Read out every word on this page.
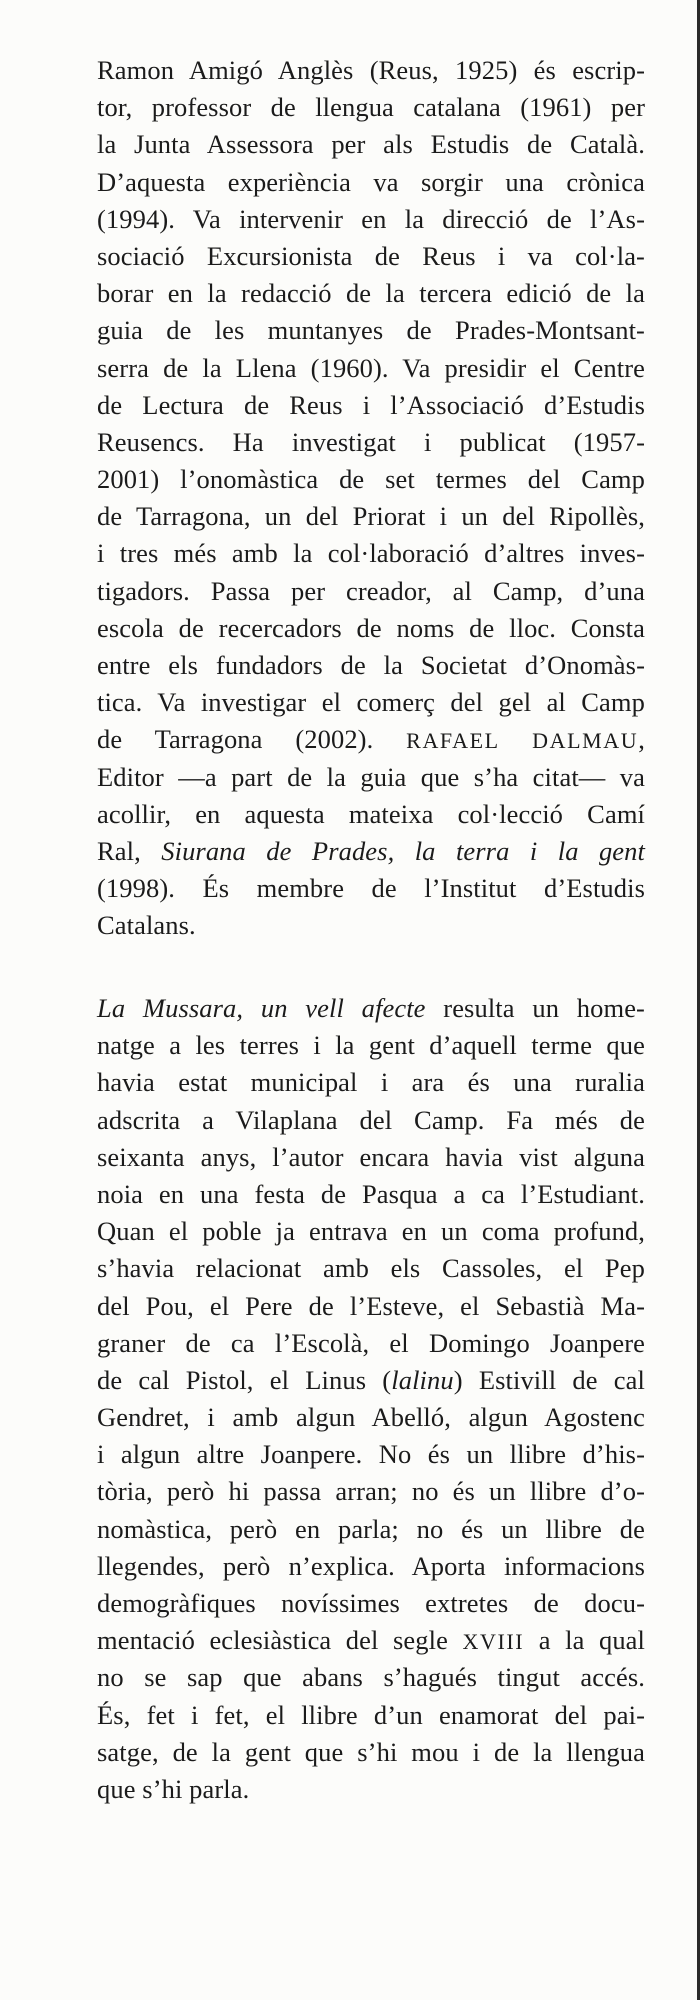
Ramon Amigó Anglès (Reus, 1925) és escrip-
tor, professor de llengua catalana (1961) per
la Junta Assessora per als Estudis de Català.
D’aquesta experiència va sorgir una crònica
(1994). Va intervenir en la direcció de l’As-
sociació Excursionista de Reus i va col·la-
borar en la redacció de la tercera edició de la
guia de les muntanyes de Prades-Montsant-
serra de la Llena (1960). Va presidir el Centre
de Lectura de Reus i l’Associació d’Estudis
Reusencs. Ha investigat i publicat (1957-
2001) l’onomàstica de set termes del Camp
de Tarragona, un del Priorat i un del Ripollès,
i tres més amb la col·laboració d’altres inves-
tigadors. Passa per creador, al Camp, d’una
escola de recercadors de noms de lloc. Consta
entre els fundadors de la Societat d’Onomàs-
tica. Va investigar el comerç del gel al Camp
de Tarragona (2002). RAFAEL DALMAU,
Editor —a part de la guia que s’ha citat— va
acollir, en aquesta mateixa col·lecció Camí
Ral, Siurana de Prades, la terra i la gent
(1998). És membre de l’Institut d’Estudis
Catalans.
La Mussara, un vell afecte resulta un home-
natge a les terres i la gent d’aquell terme que
havia estat municipal i ara és una ruralia
adscrita a Vilaplana del Camp. Fa més de
seixanta anys, l’autor encara havia vist alguna
noia en una festa de Pasqua a ca l’Estudiant.
Quan el poble ja entrava en un coma profund,
s’havia relacionat amb els Cassoles, el Pep
del Pou, el Pere de l’Esteve, el Sebastià Ma-
graner de ca l’Escolà, el Domingo Joanpere
de cal Pistol, el Linus (lalinu) Estivill de cal
Gendret, i amb algun Abelló, algun Agostenc
i algun altre Joanpere. No és un llibre d’his-
tòria, però hi passa arran; no és un llibre d’o-
nomàstica, però en parla; no és un llibre de
llegendes, però n’explica. Aporta informacions
demogràfiques novíssimes extretes de docu-
mentació eclesiàstica del segle XVIII a la qual
no se sap que abans s’hagués tingut accés.
És, fet i fet, el llibre d’un enamorat del pai-
satge, de la gent que s’hi mou i de la llengua
que s’hi parla.
